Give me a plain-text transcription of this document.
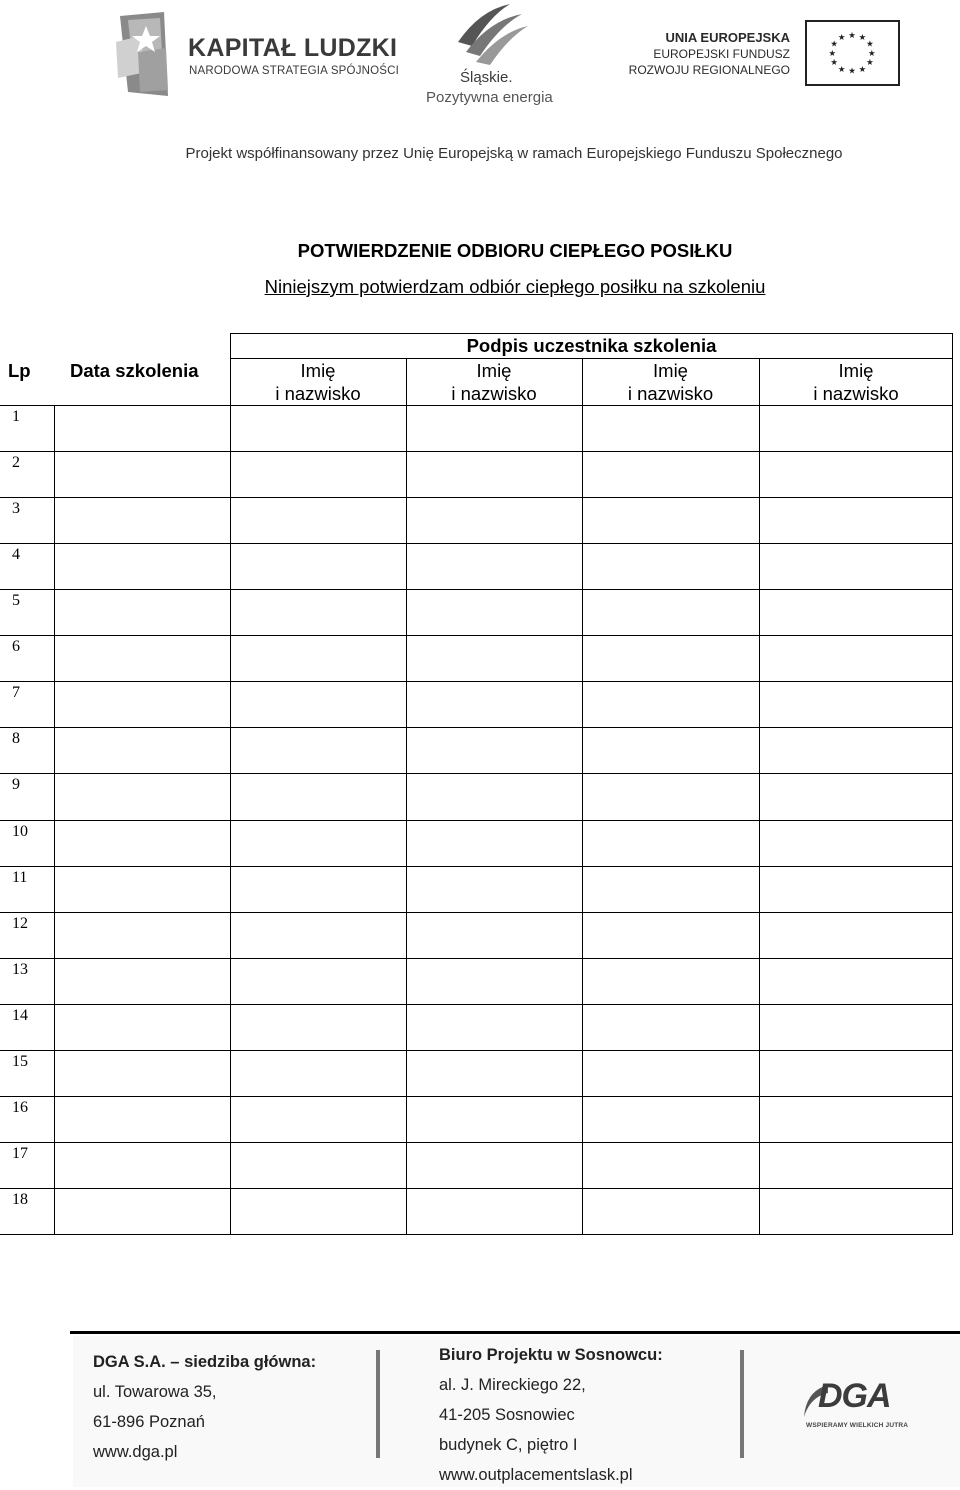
KAPITAŁ LUDZKI
NARODOWA STRATEGIA SPÓJNOŚCI	Śląskie.
Pozytywna energia
UNIA EUROPEJSKA
EUROPEJSKI FUNDUSZ
ROZWOJU REGIONALNEGO
★ ★
★
★
★
★
★
★
★
★
★
★
Projekt współfinansowany przez Unię Europejską w ramach Europejskiego Funduszu Społecznego
POTWIERDZENIE ODBIORU CIEPŁEGO POSIŁKU
Niniejszym potwierdzam odbiór ciepłego posiłku na szkoleniu
Lp Data szkolenia
Podpis uczestnika szkolenia
Imię
i nazwisko
Imię
i nazwisko
Imię
i nazwisko
Imię
i nazwisko
1
2
3
4
5
6
7
8
9
10
11
12
13
14
15
16
17
18
DGA S.A. – siedziba główna:
ul. Towarowa 35,
61-896 Poznań
www.dga.pl
Biuro Projektu w Sosnowcu:
al. J. Mireckiego 22,
41-205 Sosnowiec
budynek C, piętro I
www.outplacementslask.pl
DGA
WSPIERAMY WIELKICH JUTRA
